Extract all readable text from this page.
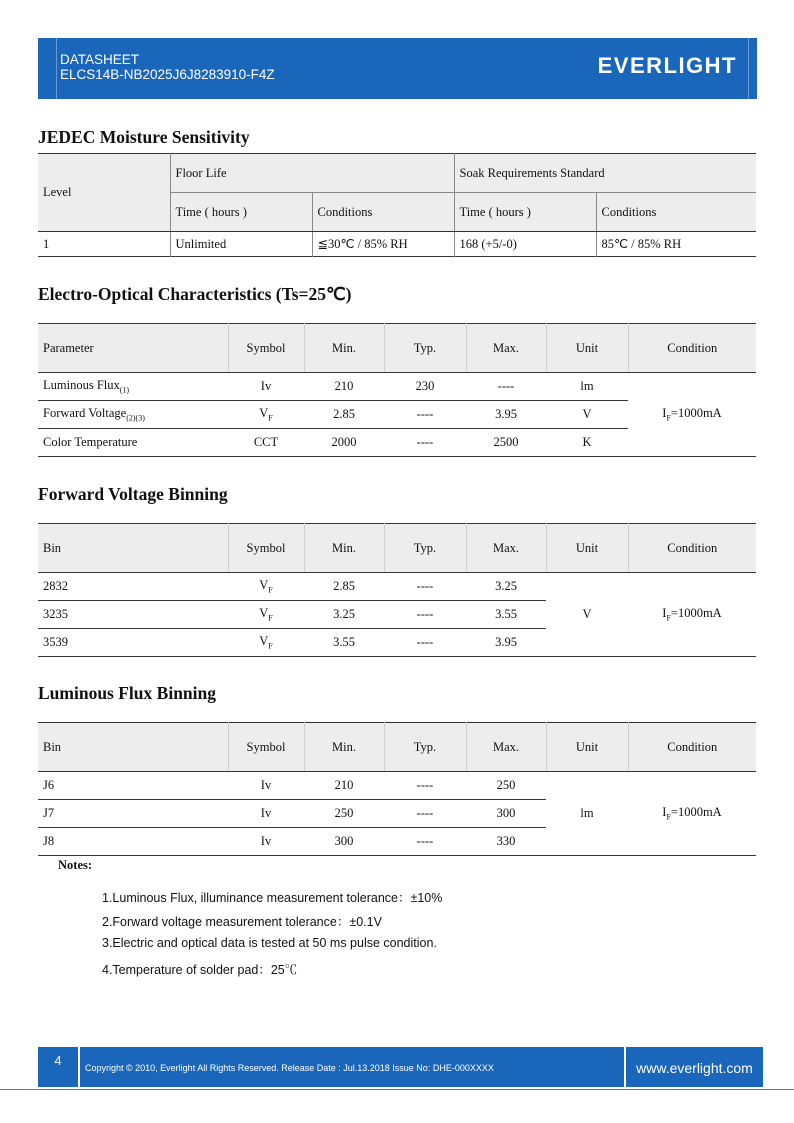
DATASHEET
ELCS14B-NB2025J6J8283910-F4Z	EVERLIGHT
JEDEC Moisture Sensitivity
Level	Floor Life		Soak Requirements Standard	
	Time ( hours )	Conditions	Time ( hours )	Conditions
1	Unlimited	≦30℃ / 85% RH	168 (+5/-0)	85℃ / 85% RH
Electro-Optical Characteristics (Ts=25℃)
Parameter	Symbol	Min.	Typ.	Max.	Unit	Condition
Luminous Flux$_{(1)}$	Iv	210	230	----	lm	$I_F=1000mA$
Forward Voltage$_{(2)(3)}$	$V_F$	2.85	----	3.95	V	
Color Temperature	CCT	2000	----	2500	K	
Forward Voltage Binning
Bin	Symbol	Min.	Typ.	Max.	Unit	Condition
2832	$V_F$	2.85	----	3.25	V	$I_F=1000mA$
3235	$V_F$	3.25	----	3.55		
3539	$V_F$	3.55	----	3.95		
Luminous Flux Binning
Bin	Symbol	Min.	Typ.	Max.	Unit	Condition
J6	Iv	210	----	250	lm	$I_F=1000mA$
J7	Iv	250	----	300		
J8	Iv	300	----	330		
Notes:
1.Luminous Flux, illuminance measurement tolerance：±10%
2.Forward voltage measurement tolerance：±0.1V
3.Electric and optical data is tested at 50 ms pulse condition.
4.Temperature of solder pad：25℃
4	Copyright © 2010, Everlight All Rights Reserved. Release Date : Jul.13.2018 Issue No: DHE-000XXXX	www.everlight.com
